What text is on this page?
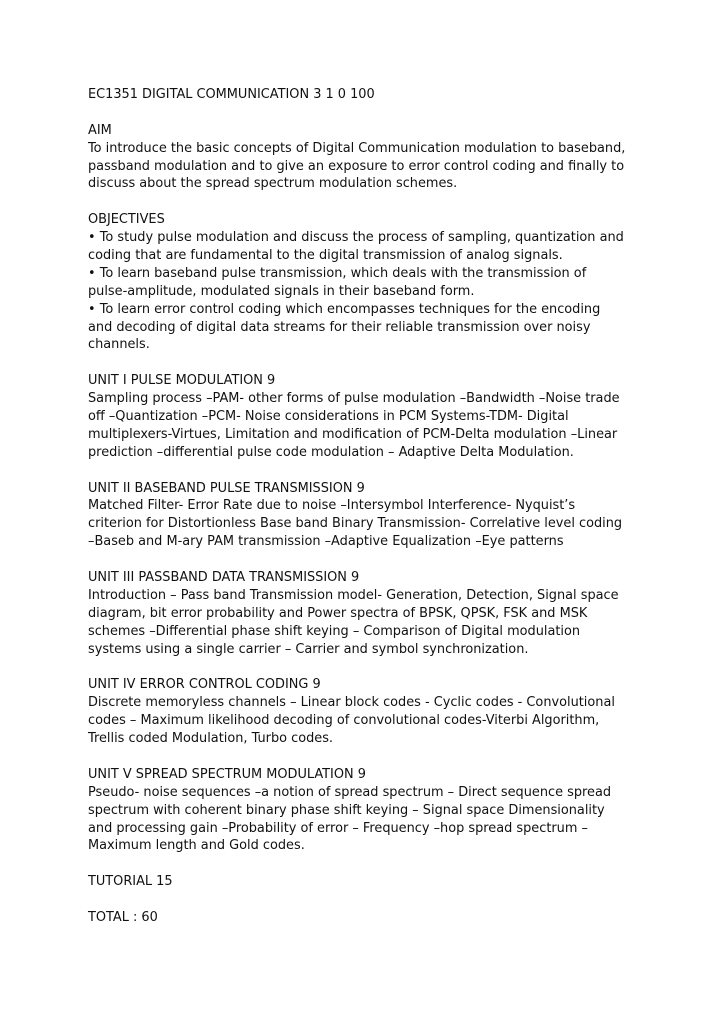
EC1351 DIGITAL COMMUNICATION 3 1 0 100
AIM
To introduce the basic concepts of Digital Communication modulation to baseband,
passband modulation and to give an exposure to error control coding and finally to
discuss about the spread spectrum modulation schemes.
OBJECTIVES
• To study pulse modulation and discuss the process of sampling, quantization and
coding that are fundamental to the digital transmission of analog signals.
• To learn baseband pulse transmission, which deals with the transmission of
pulse-amplitude, modulated signals in their baseband form.
• To learn error control coding which encompasses techniques for the encoding
and decoding of digital data streams for their reliable transmission over noisy
channels.
UNIT I PULSE MODULATION 9
Sampling process –PAM- other forms of pulse modulation –Bandwidth –Noise trade
off –Quantization –PCM- Noise considerations in PCM Systems-TDM- Digital
multiplexers-Virtues, Limitation and modification of PCM-Delta modulation –Linear
prediction –differential pulse code modulation – Adaptive Delta Modulation.
UNIT II BASEBAND PULSE TRANSMISSION 9
Matched Filter- Error Rate due to noise –Intersymbol Interference- Nyquist’s
criterion for Distortionless Base band Binary Transmission- Correlative level coding
–Baseb and M-ary PAM transmission –Adaptive Equalization –Eye patterns
UNIT III PASSBAND DATA TRANSMISSION 9
Introduction – Pass band Transmission model- Generation, Detection, Signal space
diagram, bit error probability and Power spectra of BPSK, QPSK, FSK and MSK
schemes –Differential phase shift keying – Comparison of Digital modulation
systems using a single carrier – Carrier and symbol synchronization.
UNIT IV ERROR CONTROL CODING 9
Discrete memoryless channels – Linear block codes - Cyclic codes - Convolutional
codes – Maximum likelihood decoding of convolutional codes-Viterbi Algorithm,
Trellis coded Modulation, Turbo codes.
UNIT V SPREAD SPECTRUM MODULATION 9
Pseudo- noise sequences –a notion of spread spectrum – Direct sequence spread
spectrum with coherent binary phase shift keying – Signal space Dimensionality
and processing gain –Probability of error – Frequency –hop spread spectrum –
Maximum length and Gold codes.
TUTORIAL 15
TOTAL : 60
